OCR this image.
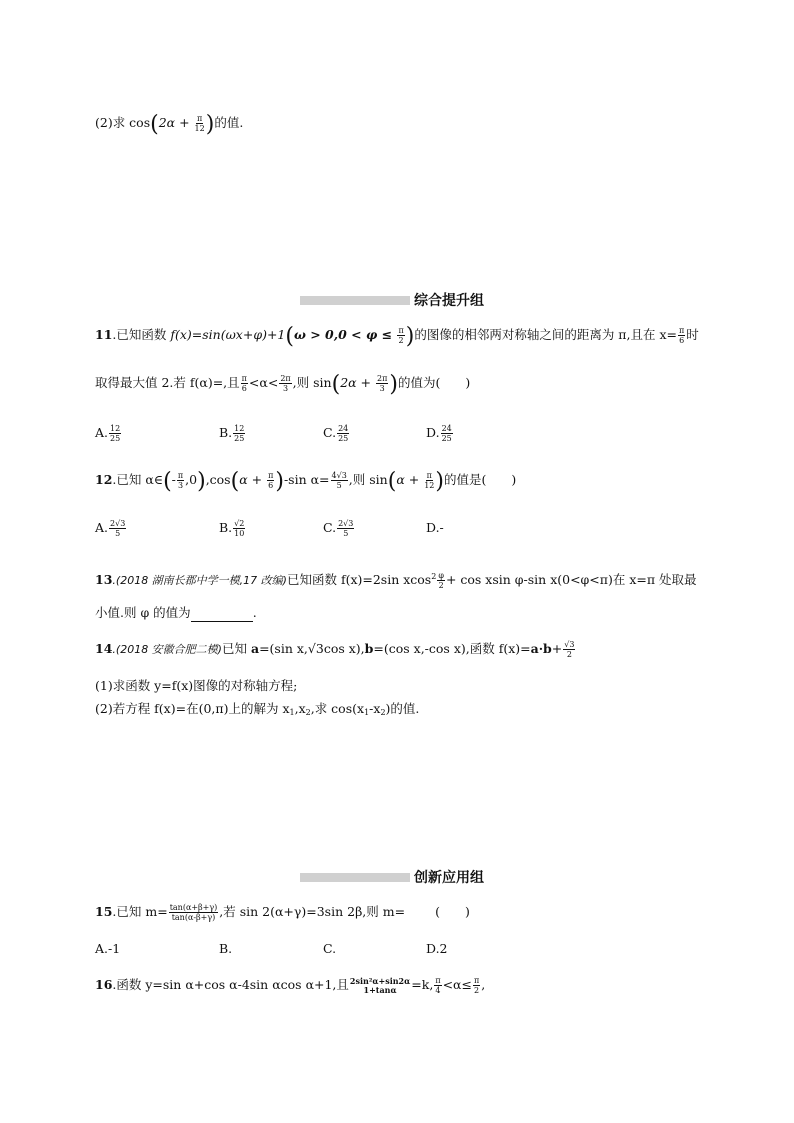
(2)求 $\cos(2\alpha + \frac{\pi}{12}$ )的值.
综合提升组
11.已知函数 $f(x)=\sin(\omega x+\varphi)+1(\omega > 0,0 < \varphi \le \frac{\pi}{2}$ )的图像的相邻两对称轴之间的距离为 π,且在 $x= \frac{\pi}{6}$ 时
取得最大值 2.若 f(α)=,且 $\frac{\pi}{6} <\alpha< \frac{2\pi}{3}$ ,则 $\sin(2\alpha + \frac{2\pi}{3}$ )的值为(　　)
A. $\frac{12}{25}$	B. $\frac{12}{25}$	C. $\frac{24}{25}$	D. $\frac{24}{25}$
12.已知 α∈(- $\frac{\pi}{3} ,0),\cos(\alpha + \frac{\pi}{6} )-\sin$ $\alpha= \frac{4√3}{5}$ ,则 $\sin(\alpha + \frac{\pi}{12}$ )的值是(　　)
A. $\frac{2√3}{5}$	B. $\frac{√2}{10}$	C. $\frac{2√3}{5}$	D.-
13.(2018 湖南长郡中学一模,17 改编)已知函数 f(x)=2sin $xcos^2 \frac{\varphi}{2} + \cos xsin$ φ-sin x(0<φ<π)在 x=π 处取最
小值.则 φ 的值为	.
14.(2018 安徽合肥二模)已知 a=(sin x,√3cos x),b=(cos x,-cos x),函数 $f(x)=a\cdot b+ \frac{√3}{2}$
(1)求函数 y=f(x)图像的对称轴方程;
(2)若方程 f(x)=在(0,π)上的解为 $x_1,x_2$,求 $\cos(x_1-x_2)$的值.
创新应用组
15.已知 $m= \frac{\tan(\alpha+\beta+\gamma)}{\tan(\alpha-\beta+\gamma)}$ ,若 sin 2(α+γ)=3sin 2β,则 m= (　　)
A.-1	B.	C.	D.2
16.函数 y=sin α+cos α-4sin αcos α+1,且 2sin²α+sin2α
1+tanα =k, $\frac{\pi}{4} <\alpha\le \frac{\pi}{2}$ ,
